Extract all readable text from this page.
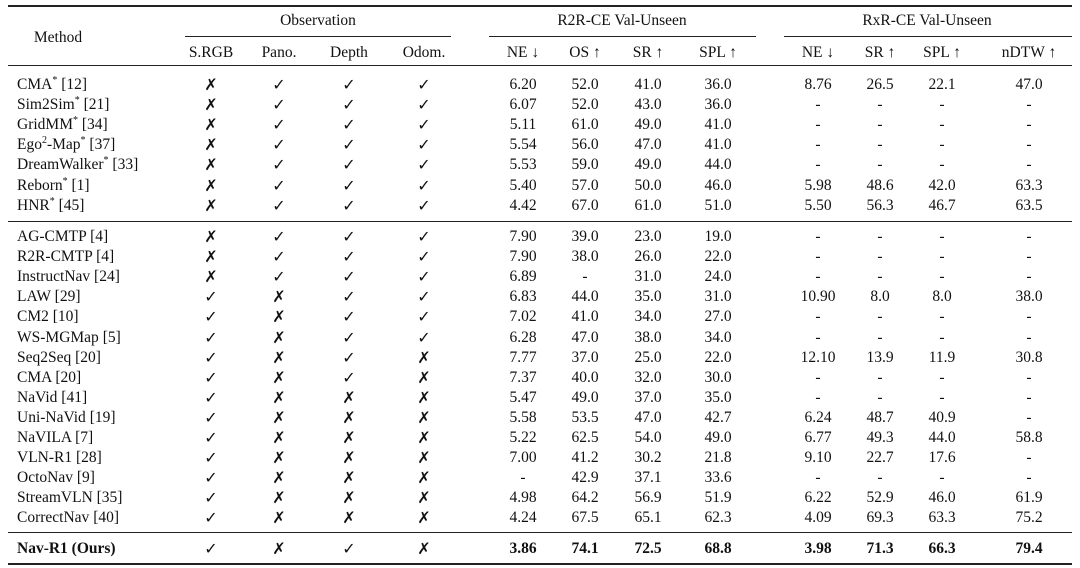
Method
Observation	R2R-CE Val-Unseen	RxR-CE Val-Unseen
S.RGB Pano. Depth Odom.	NE ↓ OS ↑ SR ↑ SPL ↑	NE ↓ SR ↑ SPL ↑	nDTW ↑
CMA* [12]	✗	✓	✓	✓	6.20 52.0 41.0	36.0	8.76 26.5 22.1	47.0
Sim2Sim* [21]	✗	✓	✓	✓	6.07 52.0 43.0	36.0	-	-	-	-
GridMM* [34]	✗	✓	✓	✓	5.11 61.0 49.0	41.0	-	-	-	-
Ego$^2$-Map* [37]	✗	✓	✓	✓	5.54 56.0 47.0	41.0	-	-	-	-
DreamWalker* [33]	✗	✓	✓	✓	5.53 59.0 49.0	44.0	-	-	-	-
Reborn* [1]	✗	✓	✓	✓	5.40 57.0 50.0	46.0	5.98 48.6 42.0	63.3
HNR* [45]	✗	✓	✓	✓	4.42 67.0 61.0	51.0	5.50 56.3 46.7	63.5
AG-CMTP [4]	✗	✓	✓	✓	7.90 39.0 23.0	19.0	-	-	-	-
R2R-CMTP [4]	✗	✓	✓	✓	7.90 38.0 26.0	22.0	-	-	-	-
InstructNav [24]	✗	✓	✓	✓	6.89	-	31.0	24.0	-	-	-	-
LAW [29]	✓	✗	✓	✓	6.83 44.0 35.0	31.0	10.90 8.0	8.0	38.0
CM2 [10]	✓	✗	✓	✓	7.02 41.0 34.0	27.0	-	-	-	-
WS-MGMap [5]	✓	✗	✓	✓	6.28 47.0 38.0	34.0	-	-	-	-
Seq2Seq [20]	✓	✗	✓	✗	7.77 37.0 25.0	22.0	12.10 13.9 11.9	30.8
CMA [20]	✓	✗	✓	✗	7.37 40.0 32.0	30.0	-	-	-	-
NaVid [41]	✓	✗	✗	✗	5.47 49.0 37.0	35.0	-	-	-	-
Uni-NaVid [19]	✓	✗	✗	✗	5.58 53.5 47.0	42.7	6.24 48.7 40.9	-
NaVILA [7]	✓	✗	✗	✗	5.22 62.5 54.0	49.0	6.77 49.3 44.0	58.8
VLN-R1 [28]	✓	✗	✗	✗	7.00 41.2 30.2	21.8	9.10 22.7 17.6	-
OctoNav [9]	✓	✗	✗	✗	-	42.9 37.1	33.6	-	-	-	-
StreamVLN [35]	✓	✗	✗	✗	4.98 64.2 56.9	51.9	6.22 52.9 46.0	61.9
CorrectNav [40]	✓	✗	✗	✗	4.24 67.5 65.1	62.3	4.09 69.3 63.3	75.2
Nav-R1 (Ours)	✓	✗	✓	✗	3.86 74.1 72.5	68.8	3.98 71.3 66.3	79.4
